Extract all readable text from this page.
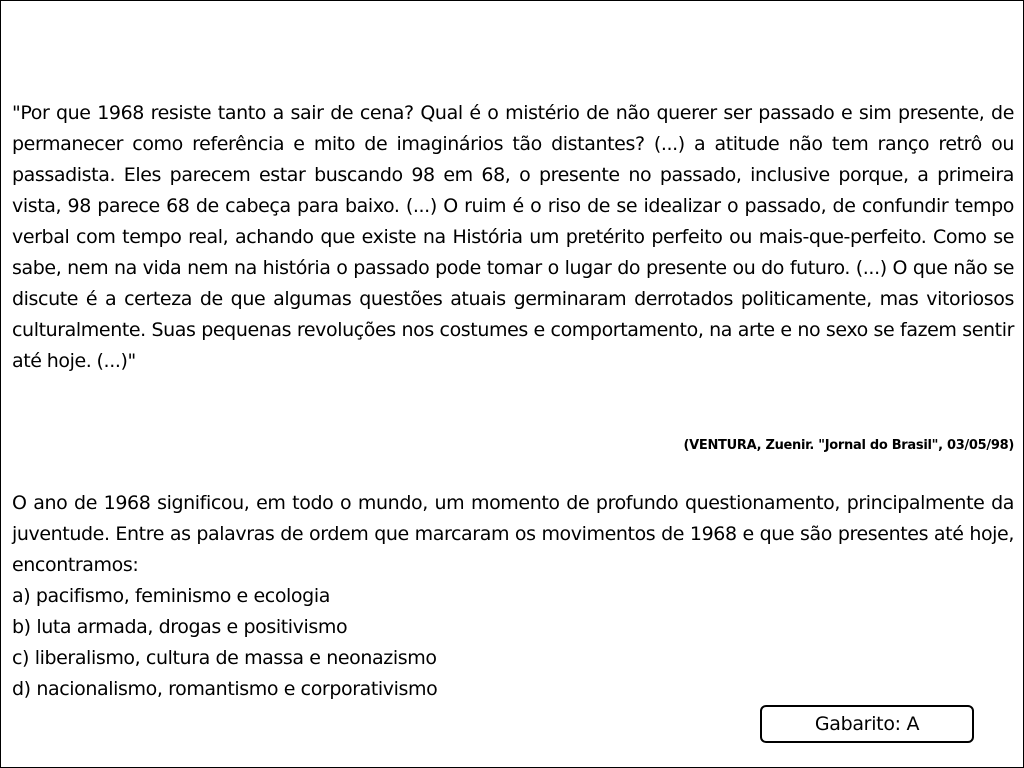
"Por que 1968 resiste tanto a sair de cena? Qual é o mistério de não querer ser passado e sim presente, de permanecer como referência e mito de imaginários tão distantes? (...) a atitude não tem ranço retrô ou passadista. Eles parecem estar buscando 98 em 68, o presente no passado, inclusive porque, a primeira vista, 98 parece 68 de cabeça para baixo. (...) O ruim é o riso de se idealizar o passado, de confundir tempo verbal com tempo real, achando que existe na História um pretérito perfeito ou mais-que-perfeito. Como se sabe, nem na vida nem na história o passado pode tomar o lugar do presente ou do futuro. (...) O que não se discute é a certeza de que algumas questões atuais germinaram derrotados politicamente, mas vitoriosos culturalmente. Suas pequenas revoluções nos costumes e comportamento, na arte e no sexo se fazem sentir até hoje. (...)"

(VENTURA, Zuenir. "Jornal do Brasil", 03/05/98)

O ano de 1968 significou, em todo o mundo, um momento de profundo questionamento, principalmente da juventude. Entre as palavras de ordem que marcaram os movimentos de 1968 e que são presentes até hoje, encontramos:

a) pacifismo, feminismo e ecologia
b) luta armada, drogas e positivismo
c) liberalismo, cultura de massa e neonazismo
d) nacionalismo, romantismo e corporativismo
Gabarito: A
